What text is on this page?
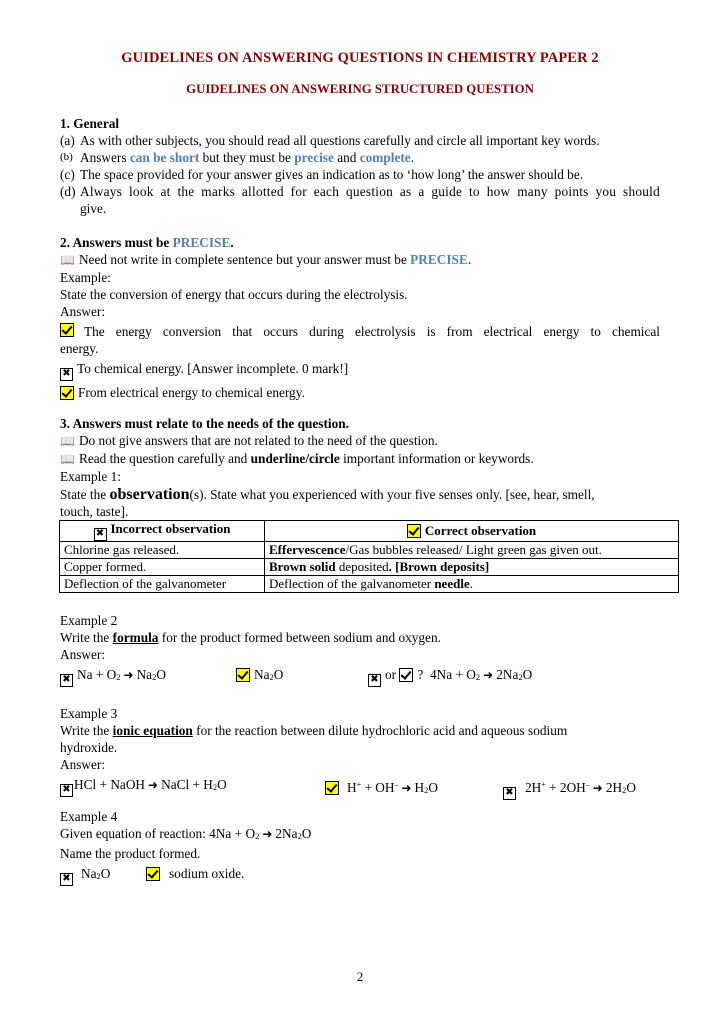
GUIDELINES ON ANSWERING QUESTIONS IN CHEMISTRY PAPER 2
GUIDELINES ON ANSWERING STRUCTURED QUESTION
1. General
(a) As with other subjects, you should read all questions carefully and circle all important key words.
(b) Answers can be short but they must be precise and complete.
(c) The space provided for your answer gives an indication as to ‘how long’ the answer should be.
(d) Always look at the marks allotted for each question as a guide to how many points you should
give.
2. Answers must be PRECISE.
📖 Need not write in complete sentence but your answer must be PRECISE.
Example:
State the conversion of energy that occurs during the electrolysis.
Answer:
The energy conversion that occurs during electrolysis is from electrical energy to chemical
energy.
✖ To chemical energy. [Answer incomplete. 0 mark!]
From electrical energy to chemical energy.
3. Answers must relate to the needs of the question.
📖 Do not give answers that are not related to the need of the question.
📖 Read the question carefully and underline/circle important information or keywords.
Example 1:
State the observation(s). State what you experienced with your five senses only. [see, hear, smell,
touch, taste].
✖ Incorrect observation	Correct observation
Chlorine gas released.	Effervescence/Gas bubbles released/ Light green gas given out.
Copper formed.	Brown solid deposited. [Brown deposits]
Deflection of the galvanometer	Deflection of the galvanometer needle.
Example 2
Write the formula for the product formed between sodium and oxygen.
Answer:
✖ Na + O2 ➜ Na2O	Na2O	✖ or ? 4Na + O2 ➜ 2Na2O
Example 3
Write the ionic equation for the reaction between dilute hydrochloric acid and aqueous sodium
hydroxide.
Answer:
✖ HCl + NaOH ➜ NaCl + H2O	H+ + OH– ➜ H2O	✖ 2H+ + 2OH– ➜ 2H2O
Example 4
Given equation of reaction: 4Na + O2 ➜ 2Na2O
Name the product formed.
✖ Na2O	sodium oxide.
2
